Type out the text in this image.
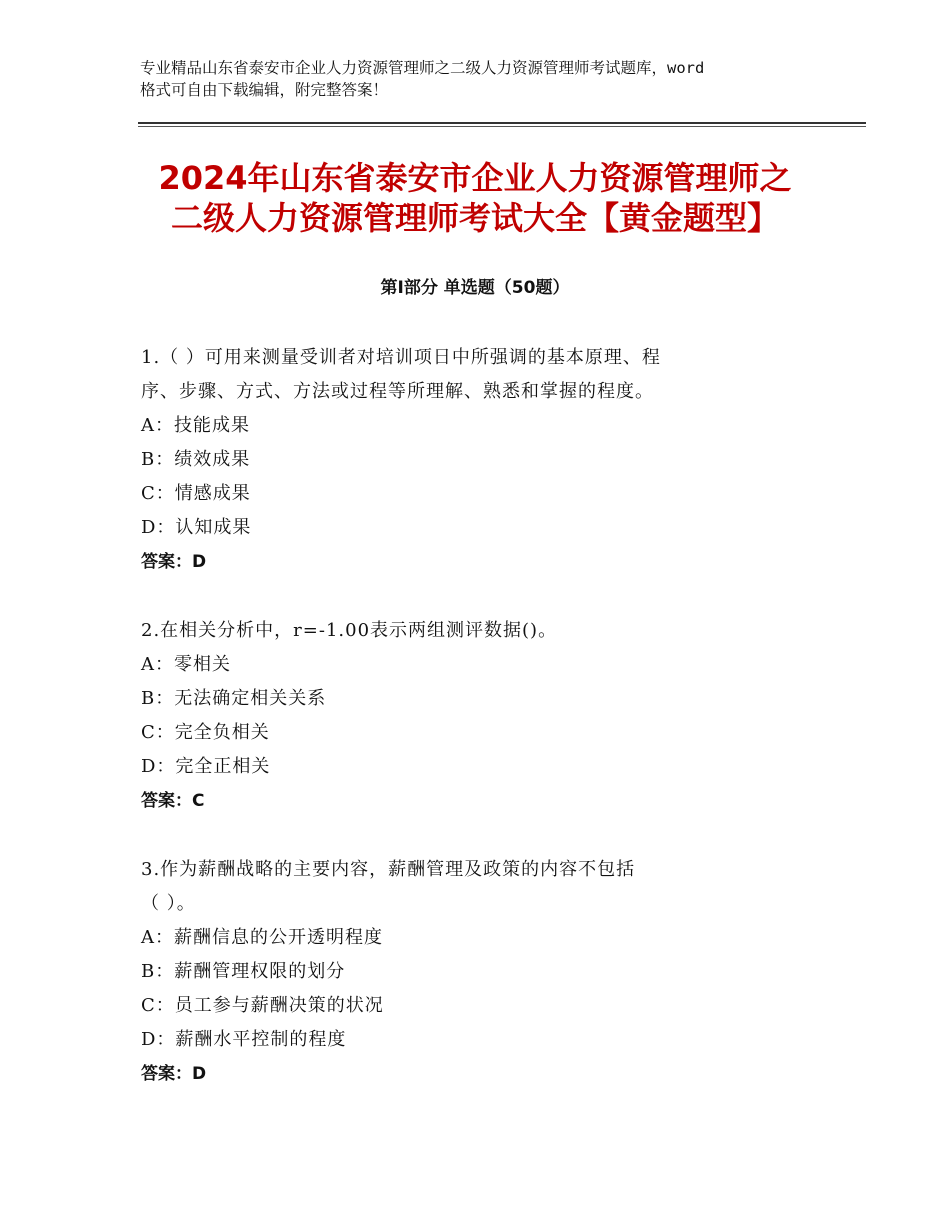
专业精品山东省泰安市企业人力资源管理师之二级人力资源管理师考试题库，word
格式可自由下载编辑，附完整答案！
2024年山东省泰安市企业人力资源管理师之
二级人力资源管理师考试大全【黄金题型】
第Ⅰ部分 单选题（50题）
1.（ ）可用来测量受训者对培训项日中所强调的基本原理、程
序、步骤、方式、方法或过程等所理解、熟悉和掌握的程度。
A：技能成果
B：绩效成果
C：情感成果
D：认知成果
答案：D
2.在相关分析中，r=-1.00表示两组测评数据()。
A：零相关
B：无法确定相关关系
C：完全负相关
D：完全正相关
答案：C
3.作为薪酬战略的主要内容，薪酬管理及政策的内容不包括
（ ）。
A：薪酬信息的公开透明程度
B：薪酬管理权限的划分
C：员工参与薪酬决策的状况
D：薪酬水平控制的程度
答案：D
